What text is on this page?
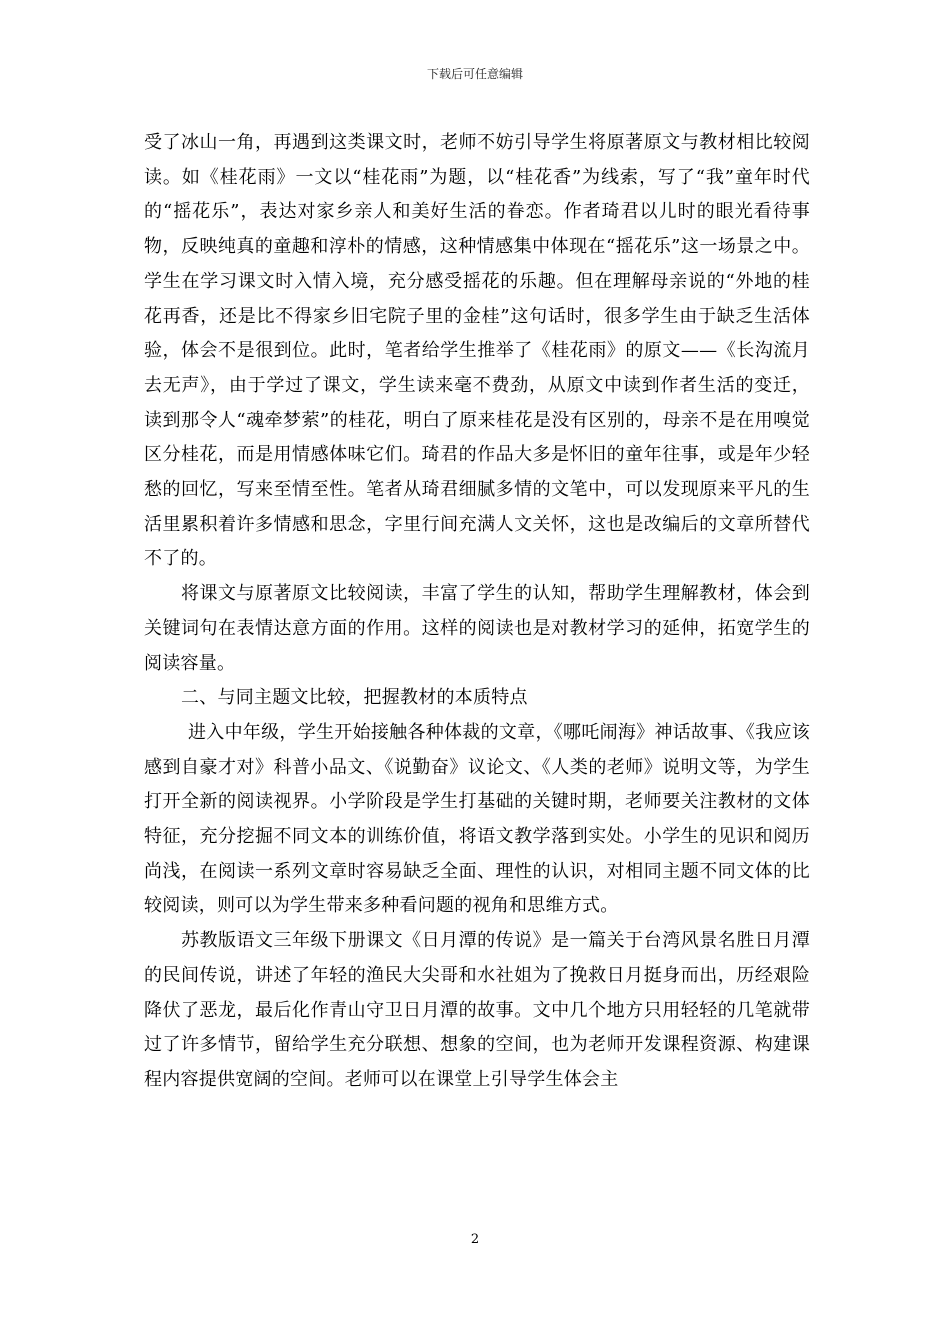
下载后可任意编辑

受了冰山一角，再遇到这类课文时，老师不妨引导学生将原著原文与教材相比较阅读。如《桂花雨》一文以“桂花雨”为题，以“桂花香”为线索，写了“我”童年时代的“摇花乐”，表达对家乡亲人和美好生活的眷恋。作者琦君以儿时的眼光看待事物，反映纯真的童趣和淳朴的情感，这种情感集中体现在“摇花乐”这一场景之中。学生在学习课文时入情入境，充分感受摇花的乐趣。但在理解母亲说的“外地的桂花再香，还是比不得家乡旧宅院子里的金桂”这句话时，很多学生由于缺乏生活体验，体会不是很到位。此时，笔者给学生推举了《桂花雨》的原文——《长沟流月去无声》，由于学过了课文，学生读来毫不费劲，从原文中读到作者生活的变迁，读到那令人“魂牵梦萦”的桂花，明白了原来桂花是没有区别的，母亲不是在用嗅觉区分桂花，而是用情感体味它们。琦君的作品大多是怀旧的童年往事，或是年少轻愁的回忆，写来至情至性。笔者从琦君细腻多情的文笔中，可以发现原来平凡的生活里累积着许多情感和思念，字里行间充满人文关怀，这也是改编后的文章所替代不了的。

将课文与原著原文比较阅读，丰富了学生的认知，帮助学生理解教材，体会到关键词句在表情达意方面的作用。这样的阅读也是对教材学习的延伸，拓宽学生的阅读容量。

二、与同主题文比较，把握教材的本质特点

进入中年级，学生开始接触各种体裁的文章，《哪吒闹海》神话故事、《我应该感到自豪才对》科普小品文、《说勤奋》议论文、《人类的老师》说明文等，为学生打开全新的阅读视界。小学阶段是学生打基础的关键时期，老师要关注教材的文体特征，充分挖掘不同文本的训练价值，将语文教学落到实处。小学生的见识和阅历尚浅，在阅读一系列文章时容易缺乏全面、理性的认识，对相同主题不同文体的比较阅读，则可以为学生带来多种看问题的视角和思维方式。

苏教版语文三年级下册课文《日月潭的传说》是一篇关于台湾风景名胜日月潭的民间传说，讲述了年轻的渔民大尖哥和水社姐为了挽救日月挺身而出，历经艰险降伏了恶龙，最后化作青山守卫日月潭的故事。文中几个地方只用轻轻的几笔就带过了许多情节，留给学生充分联想、想象的空间，也为老师开发课程资源、构建课程内容提供宽阔的空间。老师可以在课堂上引导学生体会主

2
